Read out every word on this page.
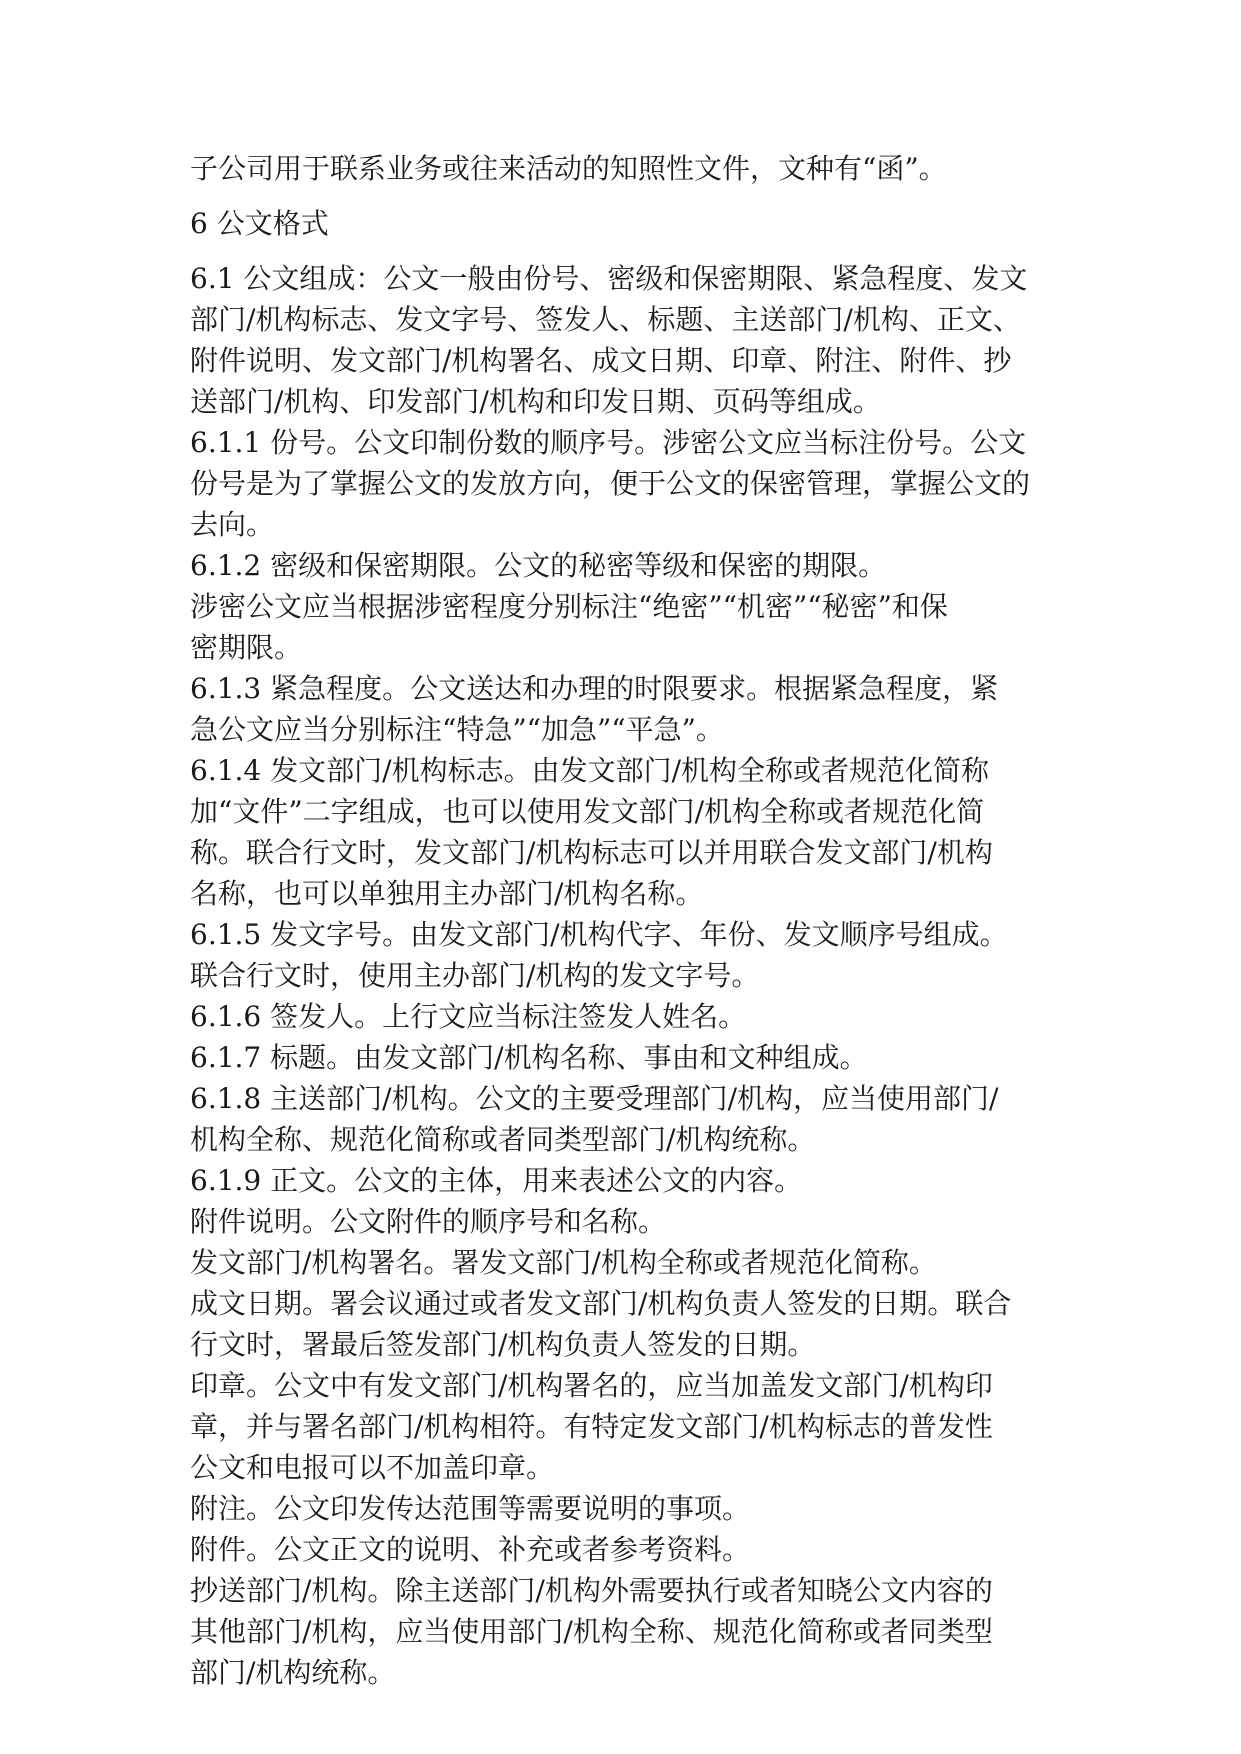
子公司用于联系业务或往来活动的知照性文件，文种有“函”。
6 公文格式
6.1 公文组成：公文一般由份号、密级和保密期限、紧急程度、发文
部门/机构标志、发文字号、签发人、标题、主送部门/机构、正文、
附件说明、发文部门/机构署名、成文日期、印章、附注、附件、抄
送部门/机构、印发部门/机构和印发日期、页码等组成。
6.1.1 份号。公文印制份数的顺序号。涉密公文应当标注份号。公文
份号是为了掌握公文的发放方向，便于公文的保密管理，掌握公文的
去向。
6.1.2 密级和保密期限。公文的秘密等级和保密的期限。
涉密公文应当根据涉密程度分别标注“绝密”“机密”“秘密”和保
密期限。
6.1.3 紧急程度。公文送达和办理的时限要求。根据紧急程度，紧
急公文应当分别标注“特急”“加急”“平急”。
6.1.4 发文部门/机构标志。由发文部门/机构全称或者规范化简称
加“文件”二字组成，也可以使用发文部门/机构全称或者规范化简
称。联合行文时，发文部门/机构标志可以并用联合发文部门/机构
名称，也可以单独用主办部门/机构名称。
6.1.5 发文字号。由发文部门/机构代字、年份、发文顺序号组成。
联合行文时，使用主办部门/机构的发文字号。
6.1.6 签发人。上行文应当标注签发人姓名。
6.1.7 标题。由发文部门/机构名称、事由和文种组成。
6.1.8 主送部门/机构。公文的主要受理部门/机构，应当使用部门/
机构全称、规范化简称或者同类型部门/机构统称。
6.1.9 正文。公文的主体，用来表述公文的内容。
附件说明。公文附件的顺序号和名称。
发文部门/机构署名。署发文部门/机构全称或者规范化简称。
成文日期。署会议通过或者发文部门/机构负责人签发的日期。联合
行文时，署最后签发部门/机构负责人签发的日期。
印章。公文中有发文部门/机构署名的，应当加盖发文部门/机构印
章，并与署名部门/机构相符。有特定发文部门/机构标志的普发性
公文和电报可以不加盖印章。
附注。公文印发传达范围等需要说明的事项。
附件。公文正文的说明、补充或者参考资料。
抄送部门/机构。除主送部门/机构外需要执行或者知晓公文内容的
其他部门/机构，应当使用部门/机构全称、规范化简称或者同类型
部门/机构统称。
